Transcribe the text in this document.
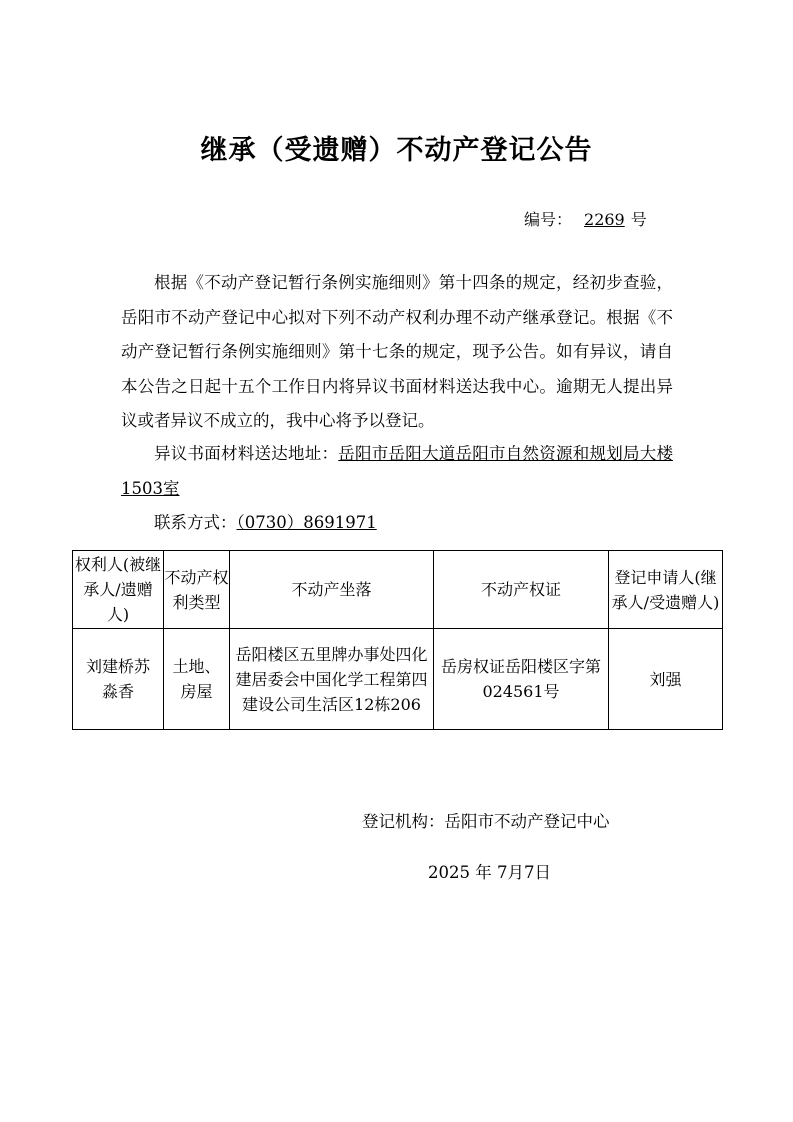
继承（受遗赠）不动产登记公告
编号： 2269 号

根据《不动产登记暂行条例实施细则》第十四条的规定，经初步查验，岳阳市不动产登记中心拟对下列不动产权利办理不动产继承登记。根据《不动产登记暂行条例实施细则》第十七条的规定，现予公告。如有异议，请自本公告之日起十五个工作日内将异议书面材料送达我中心。逾期无人提出异议或者异议不成立的，我中心将予以登记。

异议书面材料送达地址：岳阳市岳阳大道岳阳市自然资源和规划局大楼1503室

联系方式：（0730）8691971

权利人(被继承人/遗赠人)	不动产权利类型	不动产坐落	不动产权证	登记申请人(继承人/受遗赠人)
刘建桥苏淼香	土地、房屋	岳阳楼区五里牌办事处四化建居委会中国化学工程第四建设公司生活区12栋206	岳房权证岳阳楼区字第024561号	刘强
登记机构：岳阳市不动产登记中心
2025 年 7月7日
